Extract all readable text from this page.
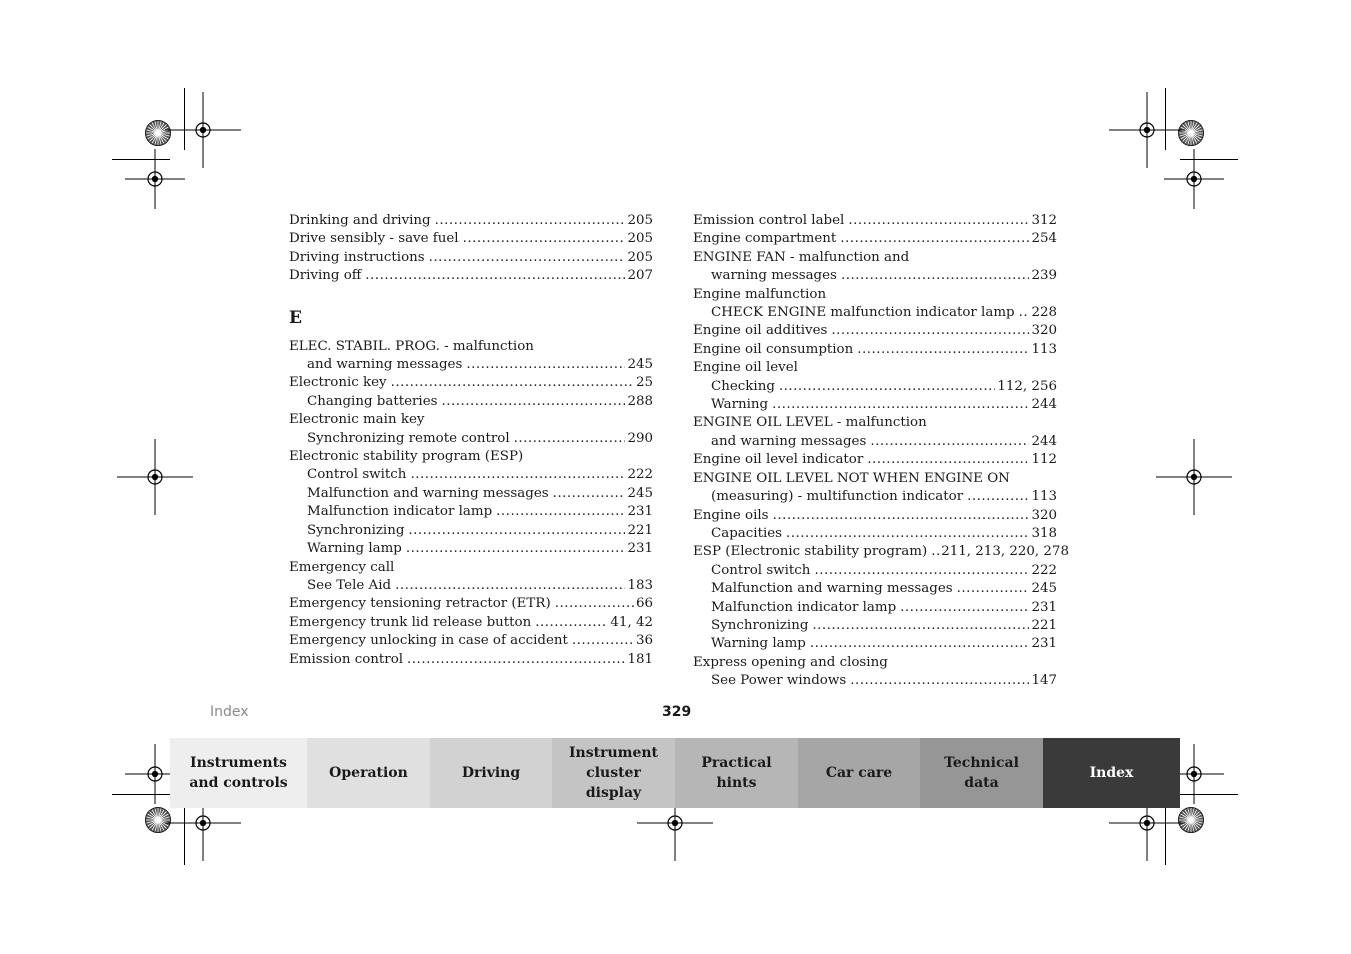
Drinking and driving .....	205
Drive sensibly - save fuel .....	205
Driving instructions .....	205
Driving off .....	207
E
ELEC. STABIL. PROG. - malfunction
and warning messages .....	245
Electronic key .....	25
Changing batteries .....	288
Electronic main key
Synchronizing remote control .....	290
Electronic stability program (ESP)
Control switch .....	222
Malfunction and warning messages .....	245
Malfunction indicator lamp .....	231
Synchronizing .....	221
Warning lamp .....	231
Emergency call
See Tele Aid .....	183
Emergency tensioning retractor (ETR) .....	66
Emergency trunk lid release button .....	41, 42
Emergency unlocking in case of accident .....	36
Emission control .....	181
Emission control label .....	312
Engine compartment .....	254
ENGINE FAN - malfunction and
warning messages .....	239
Engine malfunction
CHECK ENGINE malfunction indicator lamp ..... 228
Engine oil additives .....	320
Engine oil consumption .....	113
Engine oil level
Checking .....	112, 256
Warning .....	244
ENGINE OIL LEVEL - malfunction
and warning messages .....	244
Engine oil level indicator .....	112
ENGINE OIL LEVEL NOT WHEN ENGINE ON
(measuring) - multifunction indicator .....	113
Engine oils .....	320
Capacities .....	318
ESP (Electronic stability program) ..... 211, 213, 220, 278
Control switch .....	222
Malfunction and warning messages .....	245
Malfunction indicator lamp .....	231
Synchronizing .....	221
Warning lamp .....	231
Express opening and closing
See Power windows .....	147
Index	329
Instruments
and controls
Operation	Driving
Instrument
cluster display
Practical hints
Car care
Technical
data
Index
